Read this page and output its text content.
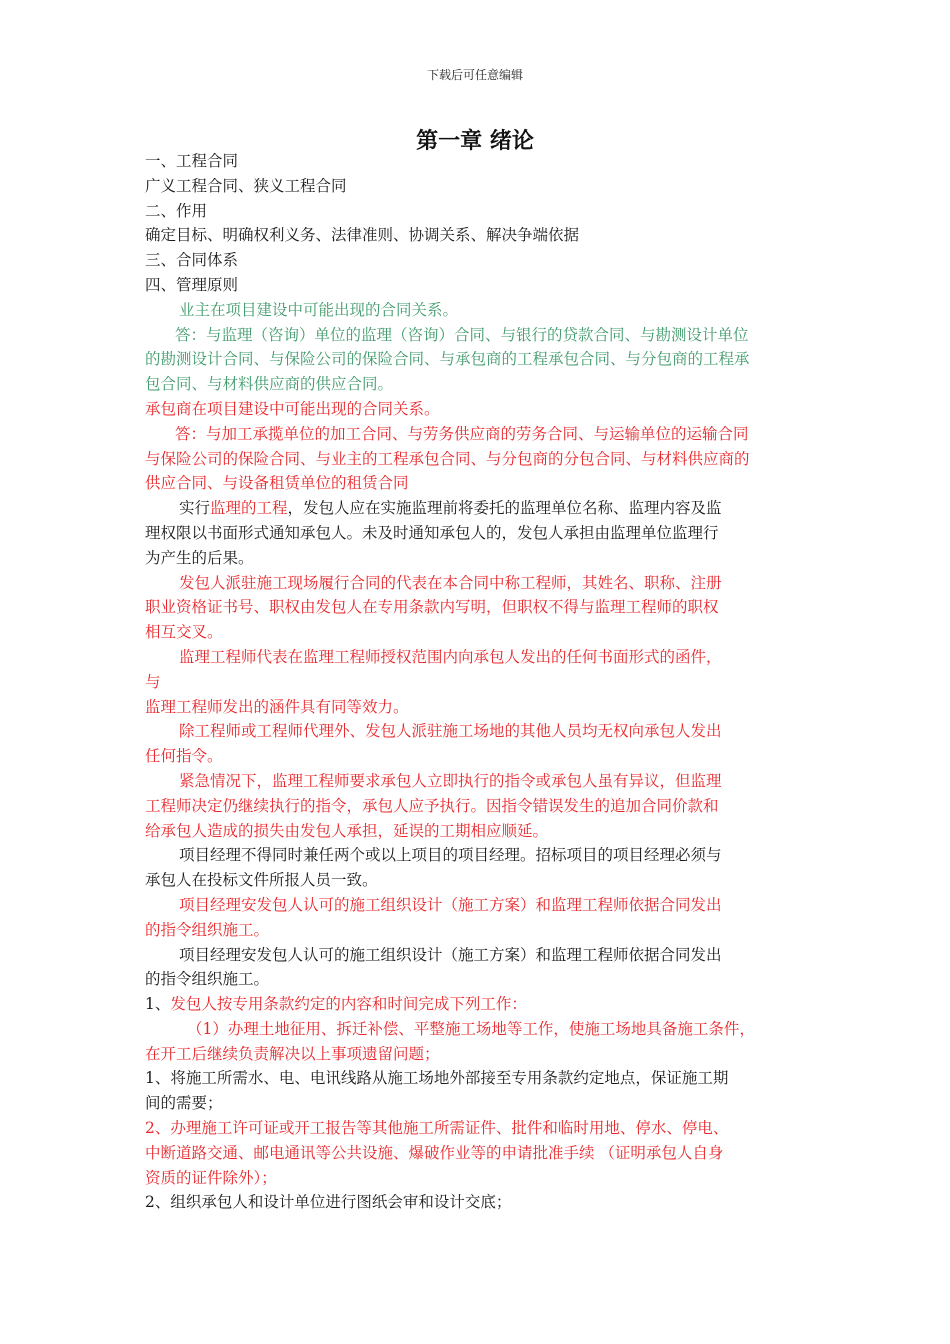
下载后可任意编辑
第一章 绪论
一、工程合同
广义工程合同、狭义工程合同
二、作用
确定目标、明确权利义务、法律准则、协调关系、解决争端依据
三、合同体系
四、管理原则
业主在项目建设中可能出现的合同关系。
答：与监理（咨询）单位的监理（咨询）合同、与银行的贷款合同、与勘测设计单位
的勘测设计合同、与保险公司的保险合同、与承包商的工程承包合同、与分包商的工程承
包合同、与材料供应商的供应合同。
承包商在项目建设中可能出现的合同关系。
答：与加工承揽单位的加工合同、与劳务供应商的劳务合同、与运输单位的运输合同
与保险公司的保险合同、与业主的工程承包合同、与分包商的分包合同、与材料供应商的
供应合同、与设备租赁单位的租赁合同
实行监理的工程，发包人应在实施监理前将委托的监理单位名称、监理内容及监
理权限以书面形式通知承包人。未及时通知承包人的，发包人承担由监理单位监理行
为产生的后果。
发包人派驻施工现场履行合同的代表在本合同中称工程师，其姓名、职称、注册
职业资格证书号、职权由发包人在专用条款内写明，但职权不得与监理工程师的职权
相互交叉。
监理工程师代表在监理工程师授权范围内向承包人发出的任何书面形式的函件，
与
监理工程师发出的涵件具有同等效力。
除工程师或工程师代理外、发包人派驻施工场地的其他人员均无权向承包人发出
任何指令。
紧急情况下，监理工程师要求承包人立即执行的指令或承包人虽有异议，但监理
工程师决定仍继续执行的指令，承包人应予执行。因指令错误发生的追加合同价款和
给承包人造成的损失由发包人承担，延误的工期相应顺延。
项目经理不得同时兼任两个或以上项目的项目经理。招标项目的项目经理必须与
承包人在投标文件所报人员一致。
项目经理安发包人认可的施工组织设计（施工方案）和监理工程师依据合同发出
的指令组织施工。
项目经理安发包人认可的施工组织设计（施工方案）和监理工程师依据合同发出
的指令组织施工。
1、发包人按专用条款约定的内容和时间完成下列工作：
（1）办理土地征用、拆迁补偿、平整施工场地等工作，使施工场地具备施工条件，
在开工后继续负责解决以上事项遗留问题；
1、将施工所需水、电、电讯线路从施工场地外部接至专用条款约定地点，保证施工期
间的需要；
2、办理施工许可证或开工报告等其他施工所需证件、批件和临时用地、停水、停电、
中断道路交通、邮电通讯等公共设施、爆破作业等的申请批准手续 （证明承包人自身
资质的证件除外）；
2、组织承包人和设计单位进行图纸会审和设计交底；
